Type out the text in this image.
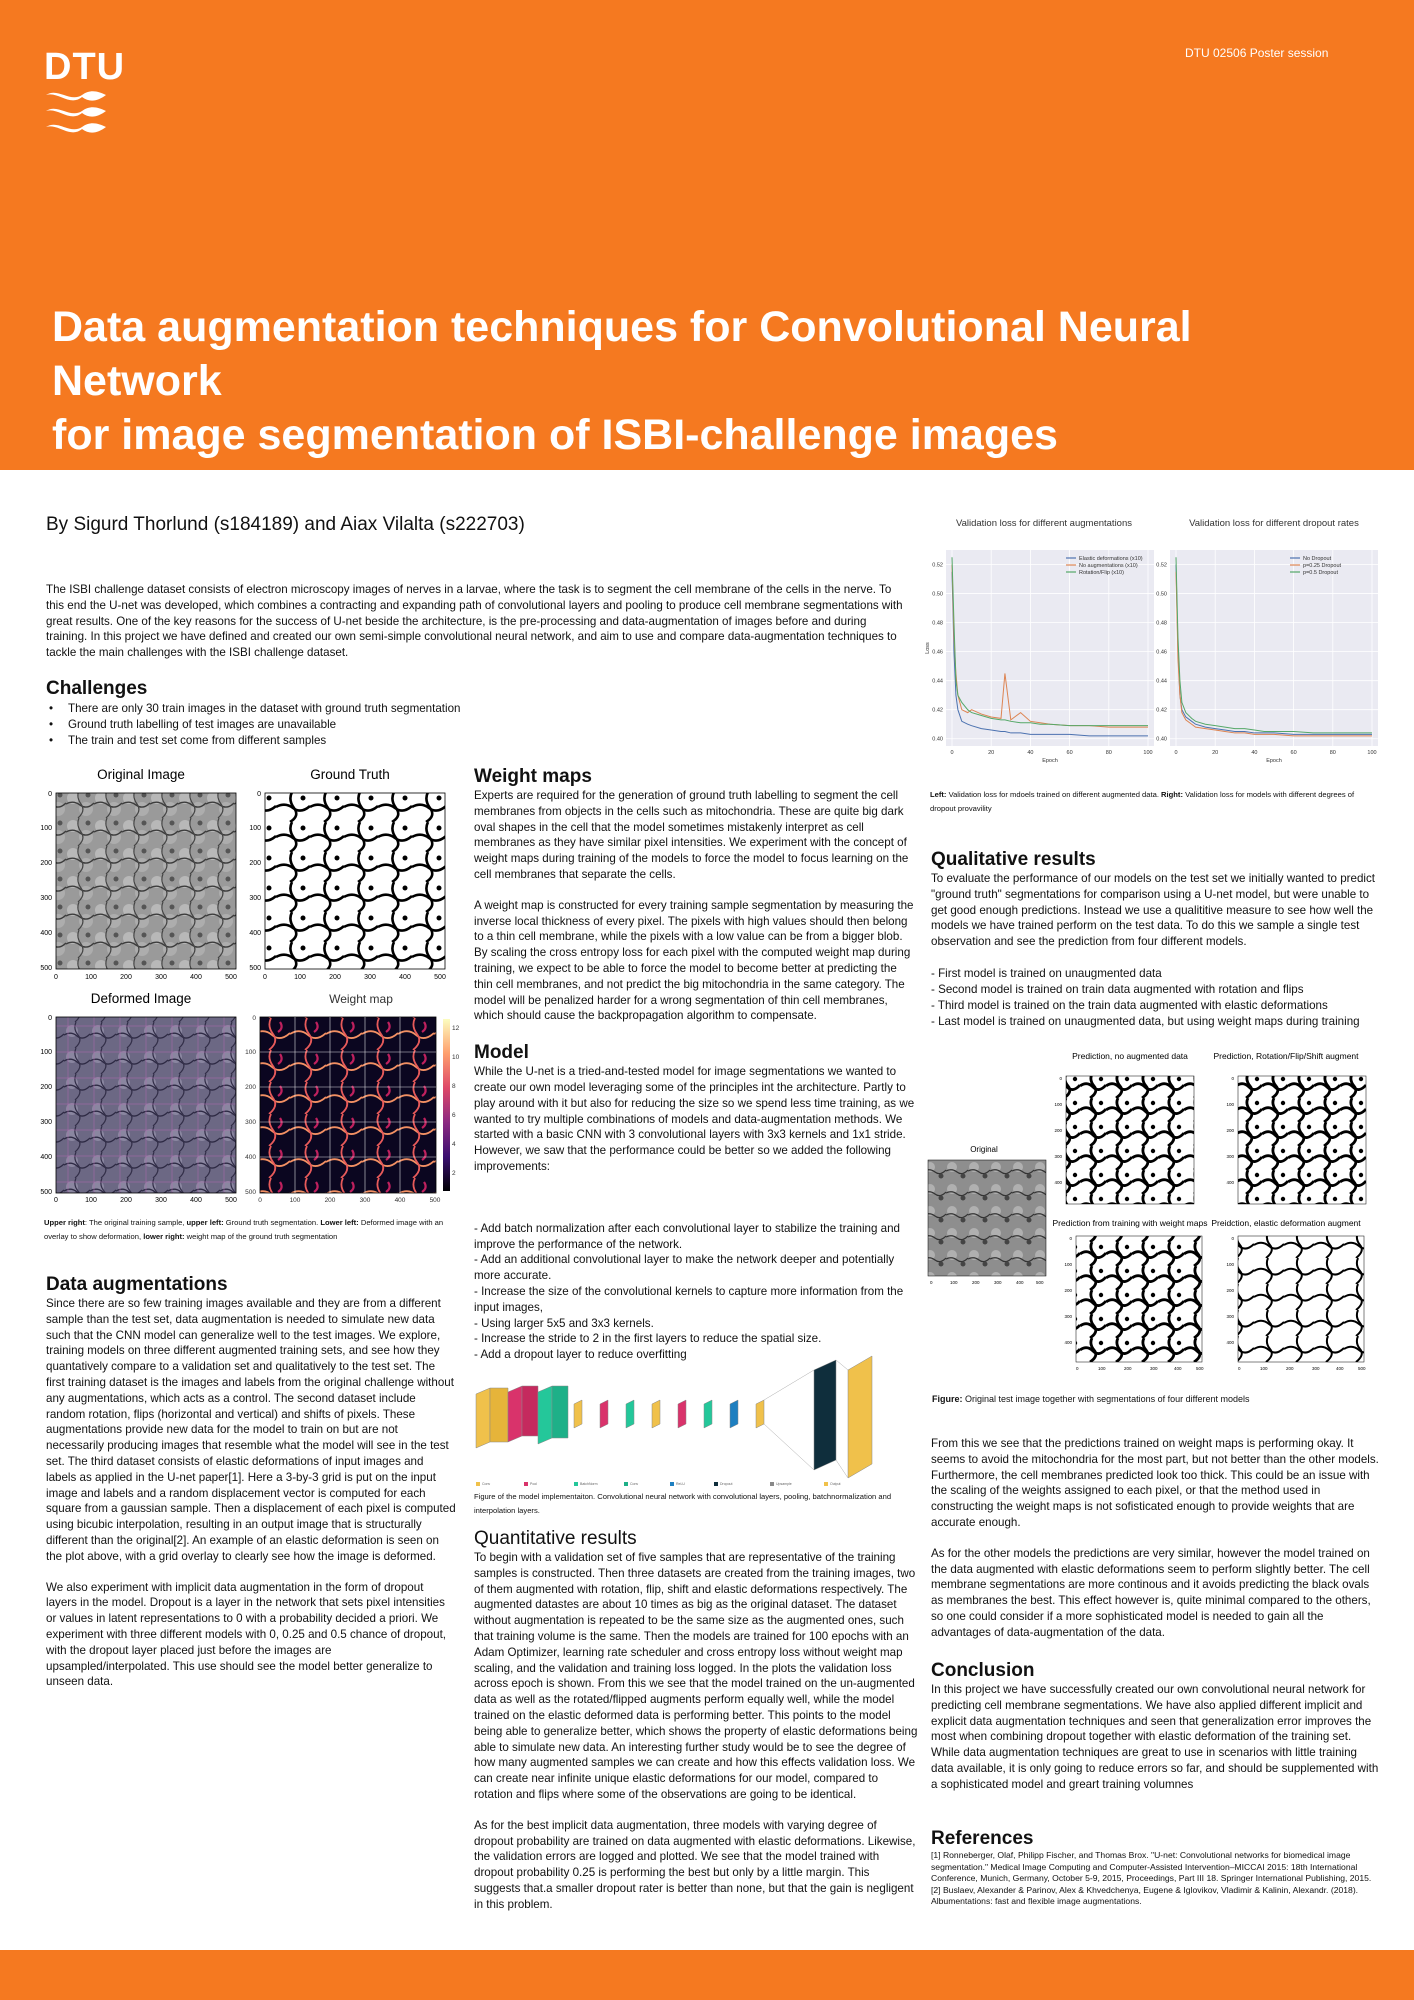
DTU	DTU 02506 Poster session
Data augmentation techniques for Convolutional Neural Network
for image segmentation of ISBI-challenge images
By Sigurd Thorlund (s184189) and Aiax Vilalta (s222703)

The ISBI challenge dataset consists of electron microscopy images of nerves in a larvae, where the task is to segment the cell membrane of the cells in the nerve. To this end the U-net was developed, which combines a contracting and expanding path of convolutional layers and pooling to produce cell membrane segmentations with great results. One of the key reasons for the success of U-net beside the architecture, is the pre-processing and data-augmentation of images before and during training. In this project we have defined and created our own semi-simple convolutional neural network, and aim to use and compare data-augmentation techniques to tackle the main challenges with the ISBI challenge dataset.

Challenges
• There are only 30 train images in the dataset with ground truth segmentation
• Ground truth labelling of test images are unavailable
• The train and test set come from different samples
Original Image
0
100
200
300
400
500
0	100	200	300	400	500
Ground Truth
0
100
200
300
400
500
0	100	200	300	400	500
Deformed Image
0
100
200
300
400
500
0	100	200	300	400	500
Weight map
12
10
8
6
4
2
0
100
200
300
400
500
0	100	200	300	400	500
Upper right: The original training sample, upper left: Ground truth segmentation. Lower left: Deformed image with an overlay to show deformation, lower right: weight map of the ground truth segmentation
Data augmentations

Since there are so few training images available and they are from a different sample than the test set, data augmentation is needed to simulate new data such that the CNN model can generalize well to the test images. We explore, training models on three different augmented training sets, and see how they quantatively compare to a validation set and qualitatively to the test set. The first training dataset is the images and labels from the original challenge without any augmentations, which acts as a control. The second dataset include random rotation, flips (horizontal and vertical) and shifts of pixels. These augmentations provide new data for the model to train on but are not necessarily producing images that resemble what the model will see in the test set. The third dataset consists of elastic deformations of input images and labels as applied in the U-net paper[1]. Here a 3-by-3 grid is put on the input image and labels and a random displacement vector is computed for each square from a gaussian sample. Then a displacement of each pixel is computed using bicubic interpolation, resulting in an output image that is structurally different than the original[2]. An example of an elastic deformation is seen on the plot above, with a grid overlay to clearly see how the image is deformed.

We also experiment with implicit data augmentation in the form of dropout layers in the model. Dropout is a layer in the network that sets pixel intensities or values in latent representations to 0 with a probability decided a priori. We experiment with three different models with 0, 0.25 and 0.5 chance of dropout, with the dropout layer placed just before the images are upsampled/interpolated. This use should see the model better generalize to unseen data.

Weight maps

Experts are required for the generation of ground truth labelling to segment the cell membranes from objects in the cells such as mitochondria. These are quite big dark oval shapes in the cell that the model sometimes mistakenly interpret as cell membranes as they have similar pixel intensities. We experiment with the concept of weight maps during training of the models to force the model to focus learning on the cell membranes that separate the cells.

A weight map is constructed for every training sample segmentation by measuring the inverse local thickness of every pixel. The pixels with high values should then belong to a thin cell membrane, while the pixels with a low value can be from a bigger blob. By scaling the cross entropy loss for each pixel with the computed weight map during training, we expect to be able to force the model to become better at predicting the thin cell membranes, and not predict the big mitochondria in the same category. The model will be penalized harder for a wrong segmentation of thin cell membranes, which should cause the backpropagation algorithm to compensate.

Model

While the U-net is a tried-and-tested model for image segmentations we wanted to create our own model leveraging some of the principles int the architecture. Partly to play around with it but also for reducing the size so we spend less time training, as we wanted to try multiple combinations of models and data-augmentation methods. We started with a basic CNN with 3 convolutional layers with 3x3 kernels and 1x1 stride. However, we saw that the performance could be better so we added the following improvements:

- Add batch normalization after each convolutional layer to stabilize the training and improve the performance of the network.

- Add an additional convolutional layer to make the network deeper and potentially more accurate.

- Increase the size of the convolutional kernels to capture more information from the input images,

- Using larger 5x5 and 3x3 kernels.

- Increase the stride to 2 in the first layers to reduce the spatial size.

- Add a dropout layer to reduce overfitting

Conv	Pool	BatchNorm	Conv	ReLU	Dropout	Upsample	Output
Figure of the model implementaiton. Convolutional neural network with convolutional layers, pooling, batchnormalization and interpolation layers.
Quantitative results

To begin with a validation set of five samples that are representative of the training samples is constructed. Then three datasets are created from the training images, two of them augmented with rotation, flip, shift and elastic deformations respectively. The augmented datastes are about 10 times as big as the original dataset. The dataset without augmentation is repeated to be the same size as the augmented ones, such that training volume is the same. Then the models are trained for 100 epochs with an Adam Optimizer, learning rate scheduler and cross entropy loss without weight map scaling, and the validation and training loss logged. In the plots the validation loss across epoch is shown. From this we see that the model trained on the un-augmented data as well as the rotated/flipped augments perform equally well, while the model trained on the elastic deformed data is performing better. This points to the model being able to generalize better, which shows the property of elastic deformations being able to simulate new data. An interesting further study would be to see the degree of how many augmented samples we can create and how this effects validation loss. We can create near infinite unique elastic deformations for our model, compared to rotation and flips where some of the observations are going to be identical.

As for the best implicit data augmentation, three models with varying degree of dropout probability are trained on data augmented with elastic deformations. Likewise, the validation errors are logged and plotted. We see that the model trained with dropout probability 0.25 is performing the best but only by a little margin. This suggests that.a smaller dropout rater is better than none, but that the gain is negligent in this problem.

Validation loss for different augmentations
0.40
0.42
0.44
0.46
0.48
0.50
0.52
0	20	40	60	80	100
Epoch
Loss
Elastic deformations (x10)
No augmentations (x10)
Rotation/Flip (x10)
Validation loss for different dropout rates
0.40
0.42
0.44
0.46
0.48
0.50
0.52
0	20	40	60	80	100
Epoch
No Dropout
p=0.25 Dropout
p=0.5 Dropout
Left: Validation loss for mdoels trained on different augmented data. Right: Validation loss for models with different degrees of dropout provavility
Qualitative results

To evaluate the performance of our models on the test set we initially wanted to predict "ground truth" segmentations for comparison using a U-net model, but were unable to get good enough predictions. Instead we use a qualititive measure to see how well the models we have trained perform on the test data. To do this we sample a single test observation and see the prediction from four different models.

- First model is trained on unaugmented data
- Second model is trained on train data augmented with rotation and flips
- Third model is trained on the train data augmented with elastic deformations
- Last model is trained on unaugmented data, but using weight maps during training
Original
0	100	200	300	400	500
Prediction, no augmented data	Prediction, Rotation/Flip/Shift augment
Prediction from training with weight maps Preidction, elastic deformation augment
0
100
200
300
400
0
100
200
300
400
0
100
200
300
400
0
100
200
300
400
0	100	200	300	400	500	0	100	200	300	400	500
Figure: Original test image together with segmentations of four different models

From this we see that the predictions trained on weight maps is performing okay. It seems to avoid the mitochondria for the most part, but not better than the other models. Furthermore, the cell membranes predicted look too thick. This could be an issue with the scaling of the weights assigned to each pixel, or that the method used in constructing the weight maps is not sofisticated enough to provide weights that are accurate enough.

As for the other models the predictions are very similar, however the model trained on the data augmented with elastic deformations seem to perform slightly better. The cell membrane segmentations are more continous and it avoids predicting the black ovals as membranes the best. This effect however is, quite minimal compared to the others, so one could consider if a more sophisticated model is needed to gain all the advantages of data-augmentation of the data.

Conclusion

In this project we have successfully created our own convolutional neural network for predicting cell membrane segmentations. We have also applied different implicit and explicit data augmentation techniques and seen that generalization error improves the most when combining dropout together with elastic deformation of the training set. While data augmentation techniques are great to use in scenarios with little training data available, it is only going to reduce errors so far, and should be supplemented with a sophisticated model and greart training volumnes

References

[1] Ronneberger, Olaf, Philipp Fischer, and Thomas Brox. "U-net: Convolutional networks for biomedical image segmentation." Medical Image Computing and Computer-Assisted Intervention–MICCAI 2015: 18th International Conference, Munich, Germany, October 5-9, 2015, Proceedings, Part III 18. Springer International Publishing, 2015.

[2] Buslaev, Alexander & Parinov, Alex & Khvedchenya, Eugene & Iglovikov, Vladimir & Kalinin, Alexandr. (2018). Albumentations: fast and flexible image augmentations.
